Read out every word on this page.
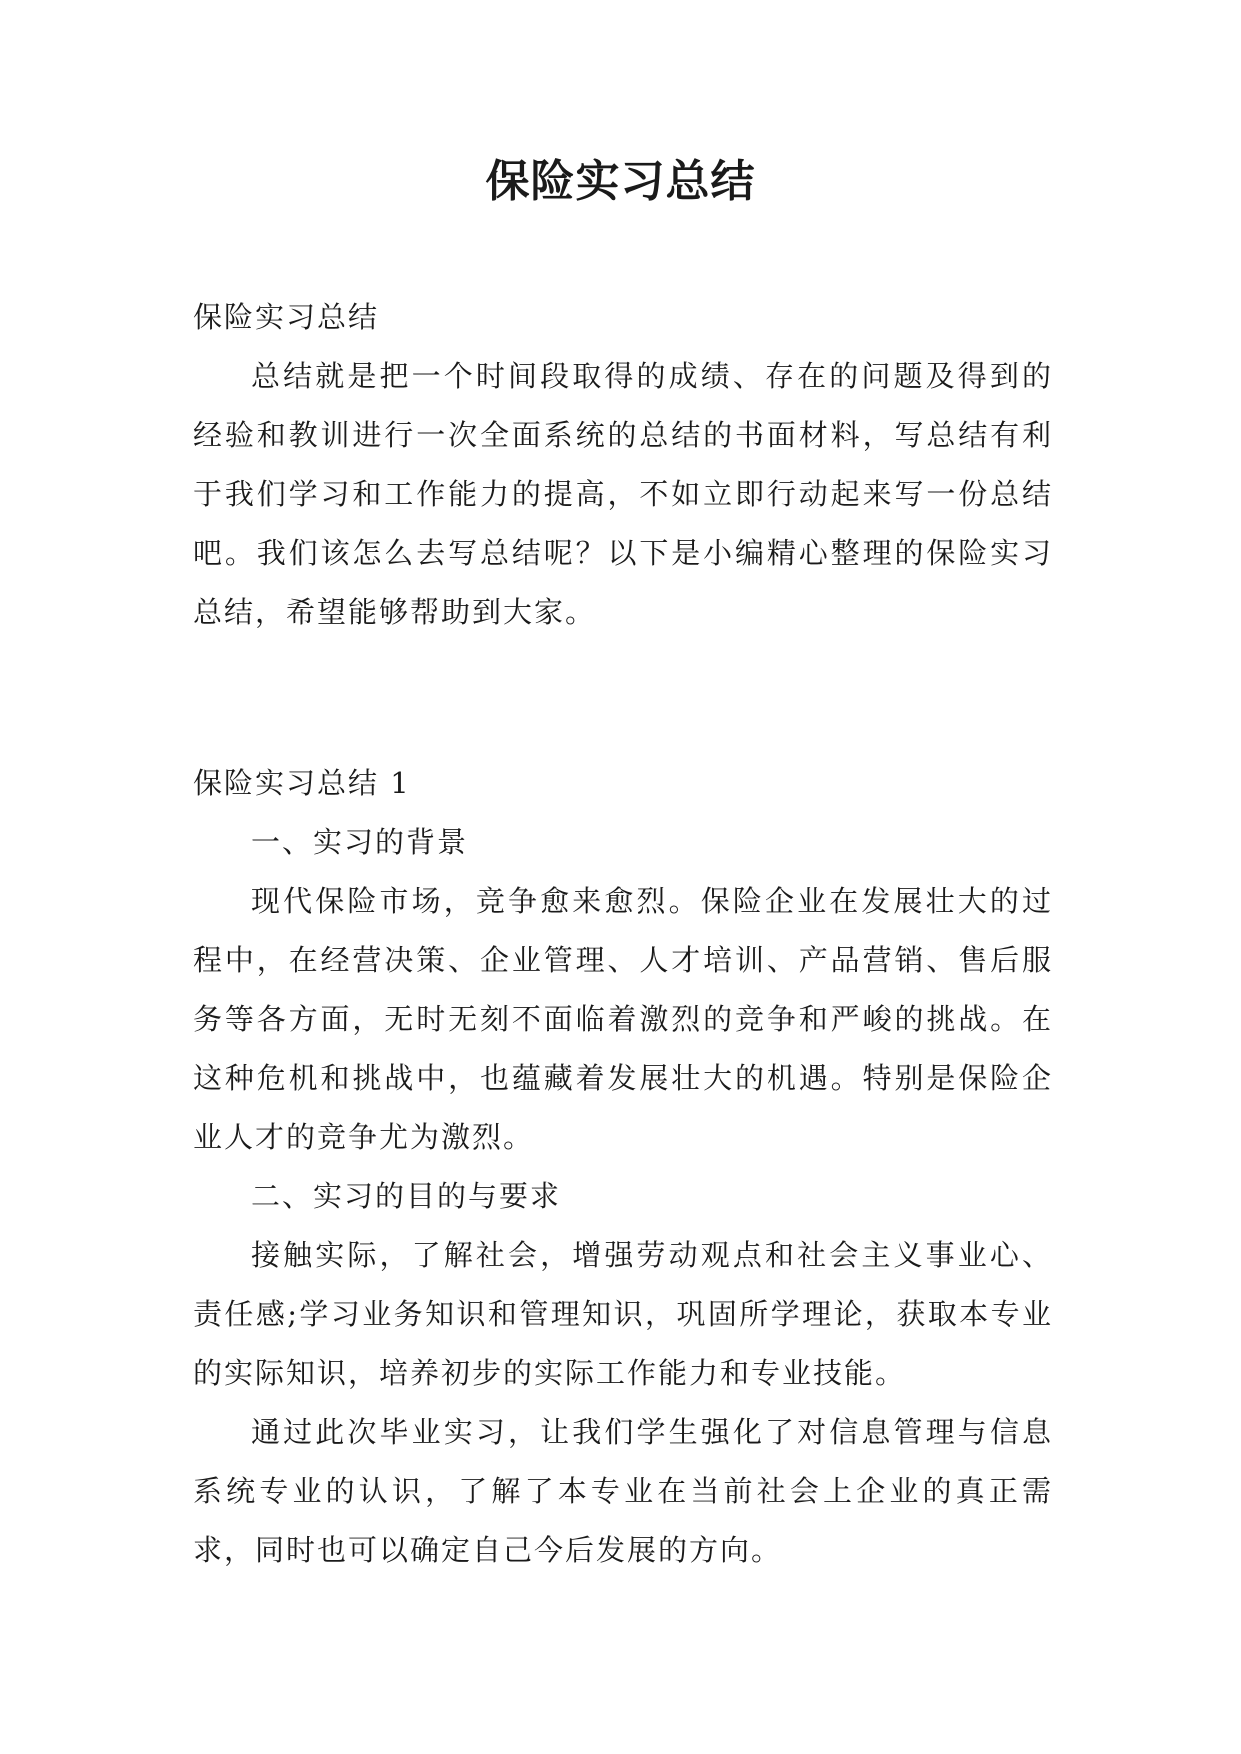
保险实习总结

保险实习总结

总结就是把一个时间段取得的成绩、存在的问题及得到的经验和教训进行一次全面系统的总结的书面材料，写总结有利于我们学习和工作能力的提高，不如立即行动起来写一份总结吧。我们该怎么去写总结呢？以下是小编精心整理的保险实习总结，希望能够帮助到大家。

保险实习总结 1

一、实习的背景

现代保险市场，竞争愈来愈烈。保险企业在发展壮大的过程中，在经营决策、企业管理、人才培训、产品营销、售后服务等各方面，无时无刻不面临着激烈的竞争和严峻的挑战。在这种危机和挑战中，也蕴藏着发展壮大的机遇。特别是保险企业人才的竞争尤为激烈。

二、实习的目的与要求

接触实际，了解社会，增强劳动观点和社会主义事业心、责任感;学习业务知识和管理知识，巩固所学理论，获取本专业的实际知识，培养初步的实际工作能力和专业技能。

通过此次毕业实习，让我们学生强化了对信息管理与信息系统专业的认识，了解了本专业在当前社会上企业的真正需求，同时也可以确定自己今后发展的方向。
